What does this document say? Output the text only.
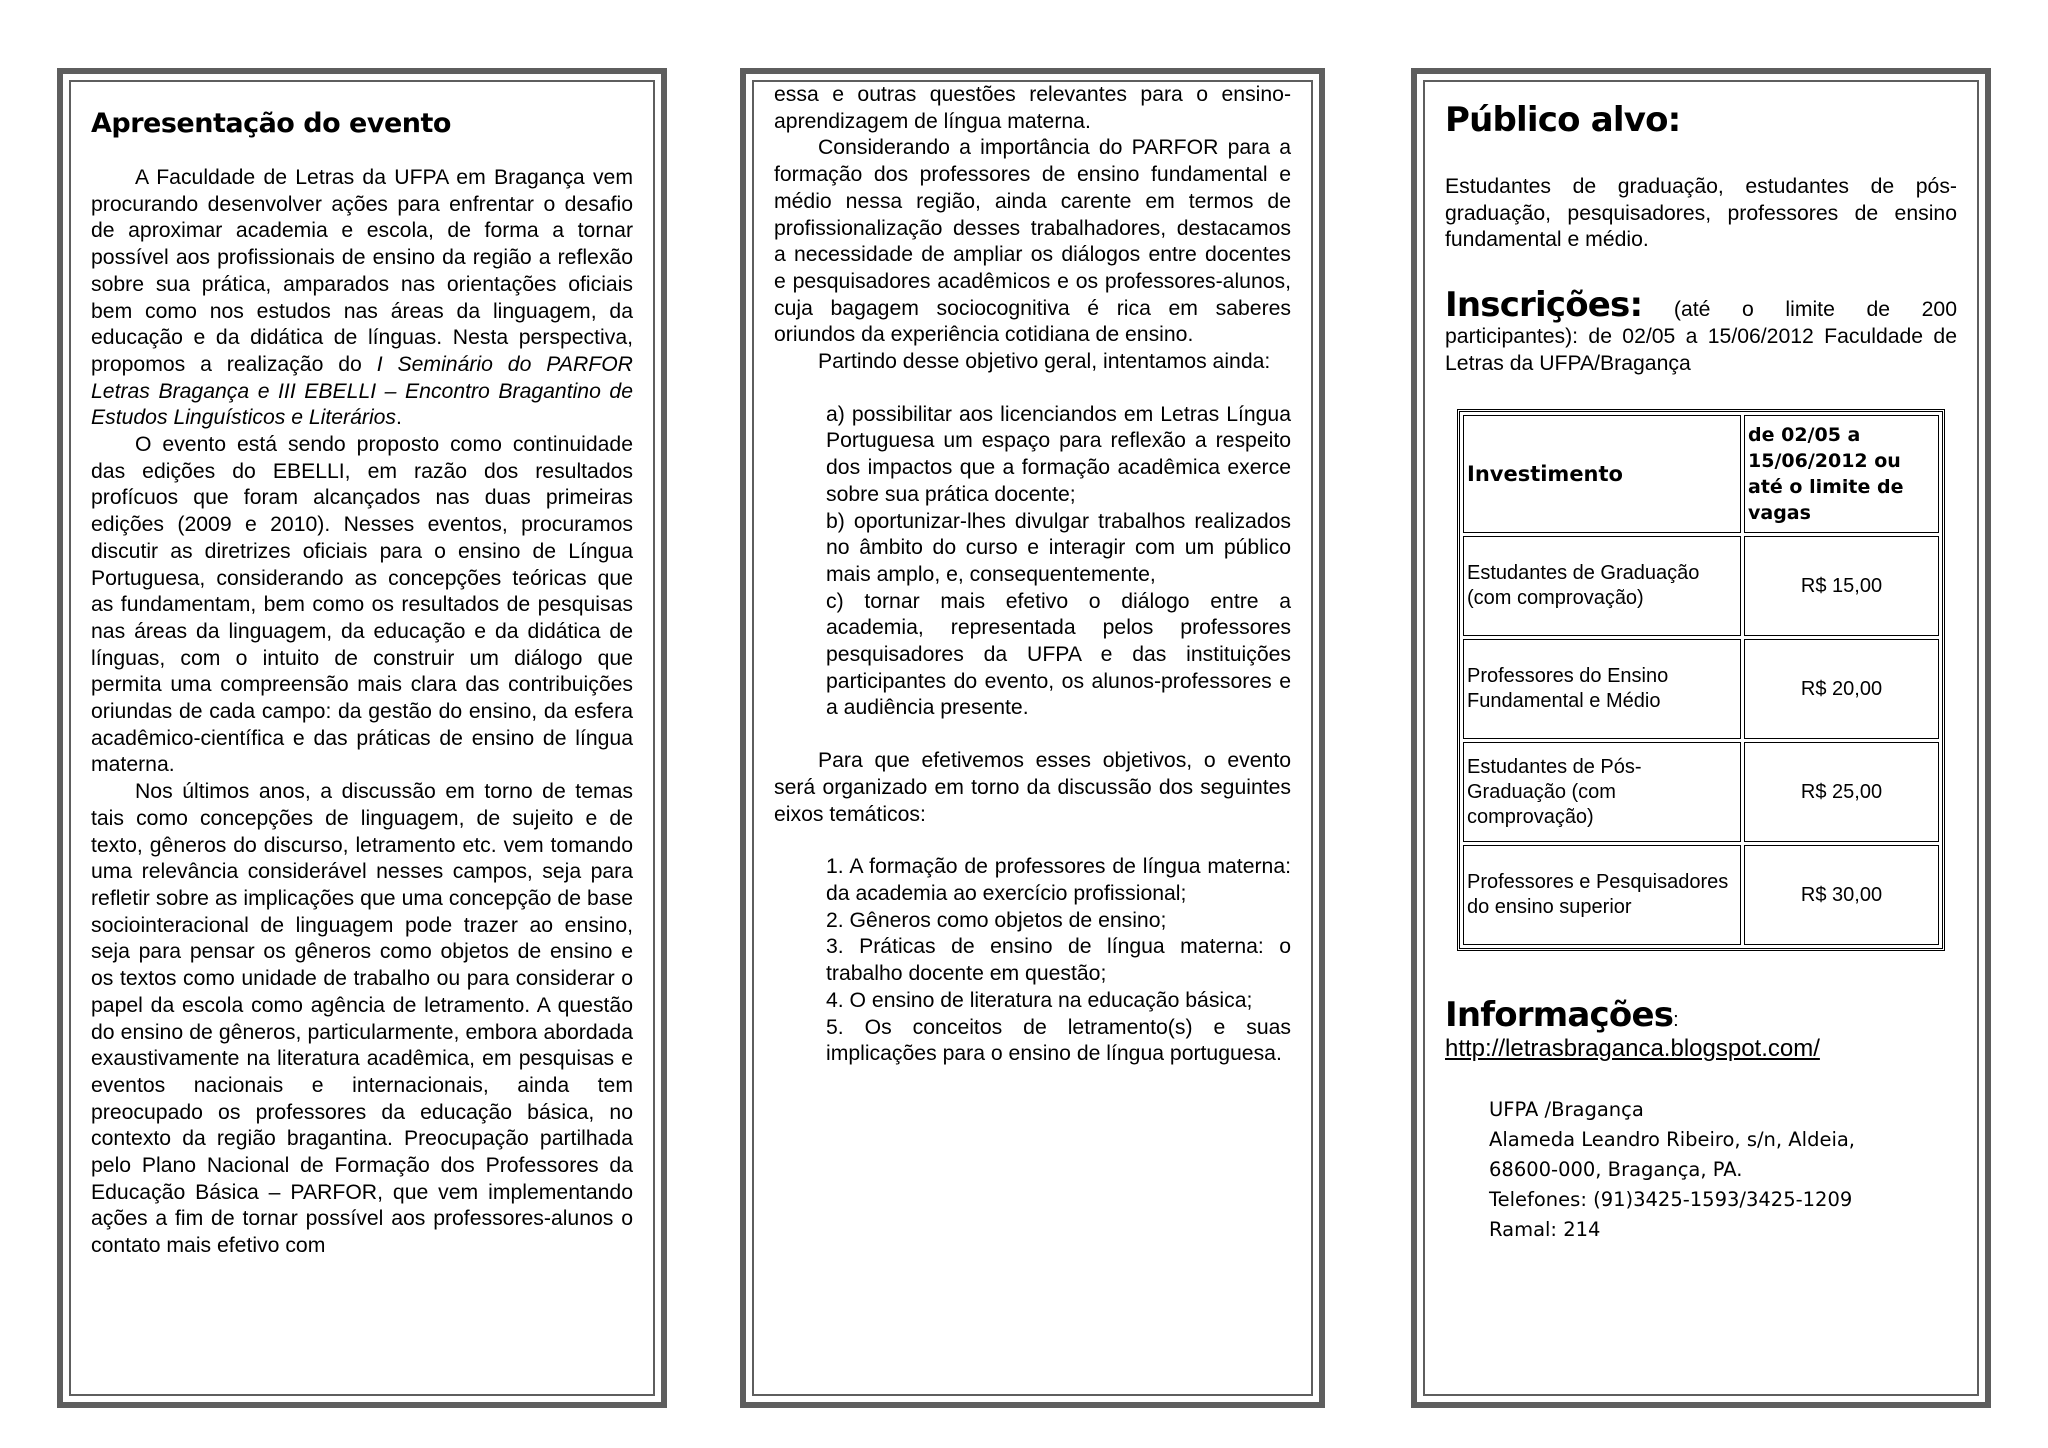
Apresentação do evento

A Faculdade de Letras da UFPA em Bragança vem procurando desenvolver ações para enfrentar o desafio de aproximar academia e escola, de forma a tornar possível aos profissionais de ensino da região a reflexão sobre sua prática, amparados nas orientações oficiais bem como nos estudos nas áreas da linguagem, da educação e da didática de línguas. Nesta perspectiva, propomos a realização do I Seminário do PARFOR Letras Bragança e III EBELLI – Encontro Bragantino de Estudos Linguísticos e Literários.

O evento está sendo proposto como continuidade das edições do EBELLI, em razão dos resultados profícuos que foram alcançados nas duas primeiras edições (2009 e 2010). Nesses eventos, procuramos discutir as diretrizes oficiais para o ensino de Língua Portuguesa, considerando as concepções teóricas que as fundamentam, bem como os resultados de pesquisas nas áreas da linguagem, da educação e da didática de línguas, com o intuito de construir um diálogo que permita uma compreensão mais clara das contribuições oriundas de cada campo: da gestão do ensino, da esfera acadêmico-científica e das práticas de ensino de língua materna.

Nos últimos anos, a discussão em torno de temas tais como concepções de linguagem, de sujeito e de texto, gêneros do discurso, letramento etc. vem tomando uma relevância considerável nesses campos, seja para refletir sobre as implicações que uma concepção de base sociointeracional de linguagem pode trazer ao ensino, seja para pensar os gêneros como objetos de ensino e os textos como unidade de trabalho ou para considerar o papel da escola como agência de letramento. A questão do ensino de gêneros, particularmente, embora abordada exaustivamente na literatura acadêmica, em pesquisas e eventos nacionais e internacionais, ainda tem preocupado os professores da educação básica, no contexto da região bragantina. Preocupação partilhada pelo Plano Nacional de Formação dos Professores da Educação Básica – PARFOR, que vem implementando ações a fim de tornar possível aos professores-alunos o contato mais efetivo com

essa e outras questões relevantes para o ensino-aprendizagem de língua materna.

Considerando a importância do PARFOR para a formação dos professores de ensino fundamental e médio nessa região, ainda carente em termos de profissionalização desses trabalhadores, destacamos a necessidade de ampliar os diálogos entre docentes e pesquisadores acadêmicos e os professores-alunos, cuja bagagem sociocognitiva é rica em saberes oriundos da experiência cotidiana de ensino.

Partindo desse objetivo geral, intentamos ainda:

a) possibilitar aos licenciandos em Letras Língua Portuguesa um espaço para reflexão a respeito dos impactos que a formação acadêmica exerce sobre sua prática docente;

b) oportunizar-lhes divulgar trabalhos realizados no âmbito do curso e interagir com um público mais amplo, e, consequentemente,

c) tornar mais efetivo o diálogo entre a academia, representada pelos professores pesquisadores da UFPA e das instituições participantes do evento, os alunos-professores e a audiência presente.

Para que efetivemos esses objetivos, o evento será organizado em torno da discussão dos seguintes eixos temáticos:

1. A formação de professores de língua materna: da academia ao exercício profissional;

2. Gêneros como objetos de ensino;

3. Práticas de ensino de língua materna: o trabalho docente em questão;

4. O ensino de literatura na educação básica;

5. Os conceitos de letramento(s) e suas implicações para o ensino de língua portuguesa.

Público alvo:

Estudantes de graduação, estudantes de pós-graduação, pesquisadores, professores de ensino fundamental e médio.

Inscrições: (até o limite de 200 participantes): de 02/05 a 15/06/2012 Faculdade de Letras da UFPA/Bragança

Investimento	de 02/05 a 15/06/2012 ou até o limite de vagas
Estudantes de Graduação (com comprovação)	R$ 15,00
Professores do Ensino Fundamental e Médio	R$ 20,00
Estudantes de Pós-Graduação (com comprovação)	R$ 25,00
Professores e Pesquisadores do ensino superior	R$ 30,00
Informações:
http://letrasbraganca.blogspot.com/
UFPA /Bragança
Alameda Leandro Ribeiro, s/n, Aldeia,
68600-000, Bragança, PA.
Telefones: (91)3425-1593/3425-1209
Ramal: 214
